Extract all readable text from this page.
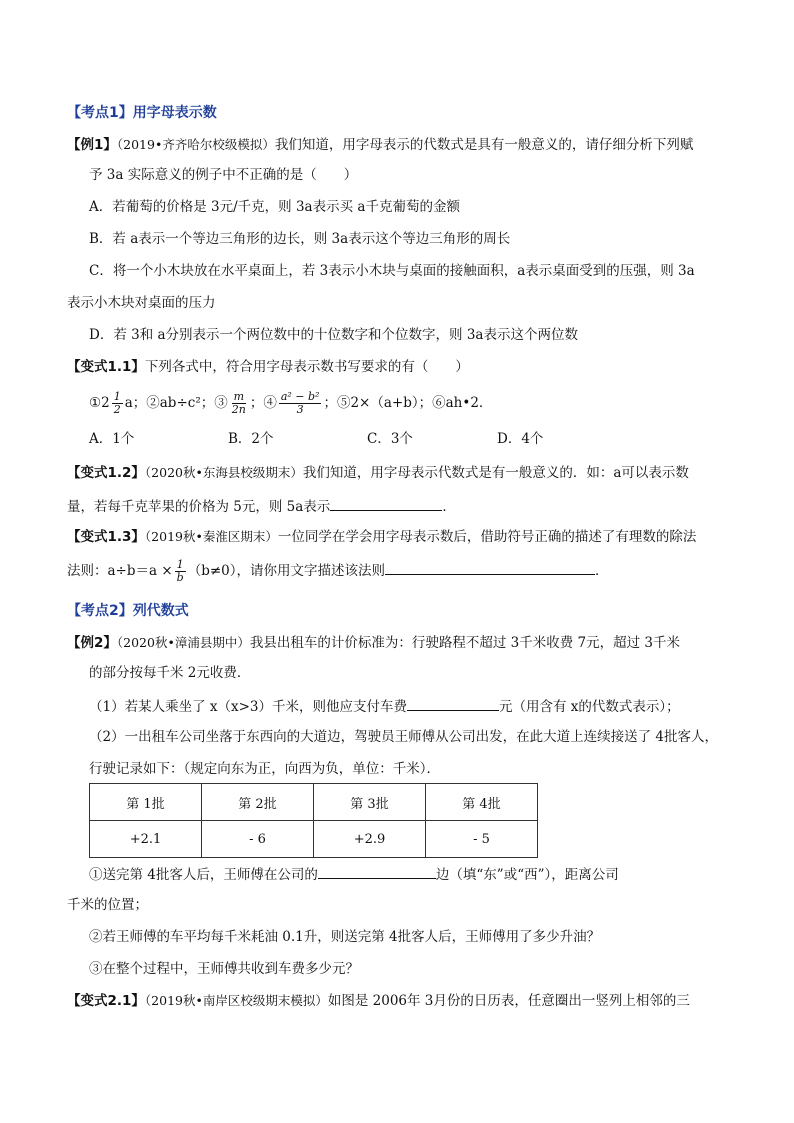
【考点1】用字母表示数
【例1】（2019•齐齐哈尔校级模拟）我们知道，用字母表示的代数式是具有一般意义的，请仔细分析下列赋
予 3a 实际意义的例子中不正确的是（　　）
A．若葡萄的价格是 3元/千克，则 3a表示买 a千克葡萄的金额
B．若 a表示一个等边三角形的边长，则 3a表示这个等边三角形的周长
C．将一个小木块放在水平桌面上，若 3表示小木块与桌面的接触面积，a表示桌面受到的压强，则 3a
表示小木块对桌面的压力
D．若 3和 a分别表示一个两位数中的十位数字和个位数字，则 3a表示这个两位数
【变式1.1】下列各式中，符合用字母表示数书写要求的有（　　）
①2 $\frac{1}{2}$ a；②ab÷c²；③ $\frac{m}{2n}$ ；④ $\frac{\text{a² − b²}}{3}$ ；⑤2×（a+b）；⑥ah•2．
A．1个	B．2个	C．3个	D．4个
【变式1.2】（2020秋•东海县校级期末）我们知道，用字母表示代数式是有一般意义的．如：a可以表示数
量，若每千克苹果的价格为 5元，则 5a表示	．
【变式1.3】（2019秋•秦淮区期末）一位同学在学会用字母表示数后，借助符号正确的描述了有理数的除法
法则：$a\div b=a \times \frac{1}{b} (b\ne 0)$，请你用文字描述该法则	．
【考点2】列代数式
【例2】（2020秋•漳浦县期中）我县出租车的计价标准为：行驶路程不超过 3千米收费 7元，超过 3千米
的部分按每千米 2元收费．
（1）若某人乘坐了 x（x>3）千米，则他应支付车费	元（用含有 x的代数式表示）；
（2）一出租车公司坐落于东西向的大道边，驾驶员王师傅从公司出发，在此大道上连续接送了 4批客人，
行驶记录如下：（规定向东为正，向西为负，单位：千米）．
第 1批	第 2批	第 3批	第 4批
+2.1	- 6	+2.9	- 5
①送完第 4批客人后，王师傅在公司的	边（填“东”或“西”），距离公司
千米的位置；
②若王师傅的车平均每千米耗油 0.1升，则送完第 4批客人后，王师傅用了多少升油？
③在整个过程中，王师傅共收到车费多少元？
【变式2.1】（2019秋•南岸区校级期末模拟）如图是 2006年 3月份的日历表，任意圈出一竖列上相邻的三
